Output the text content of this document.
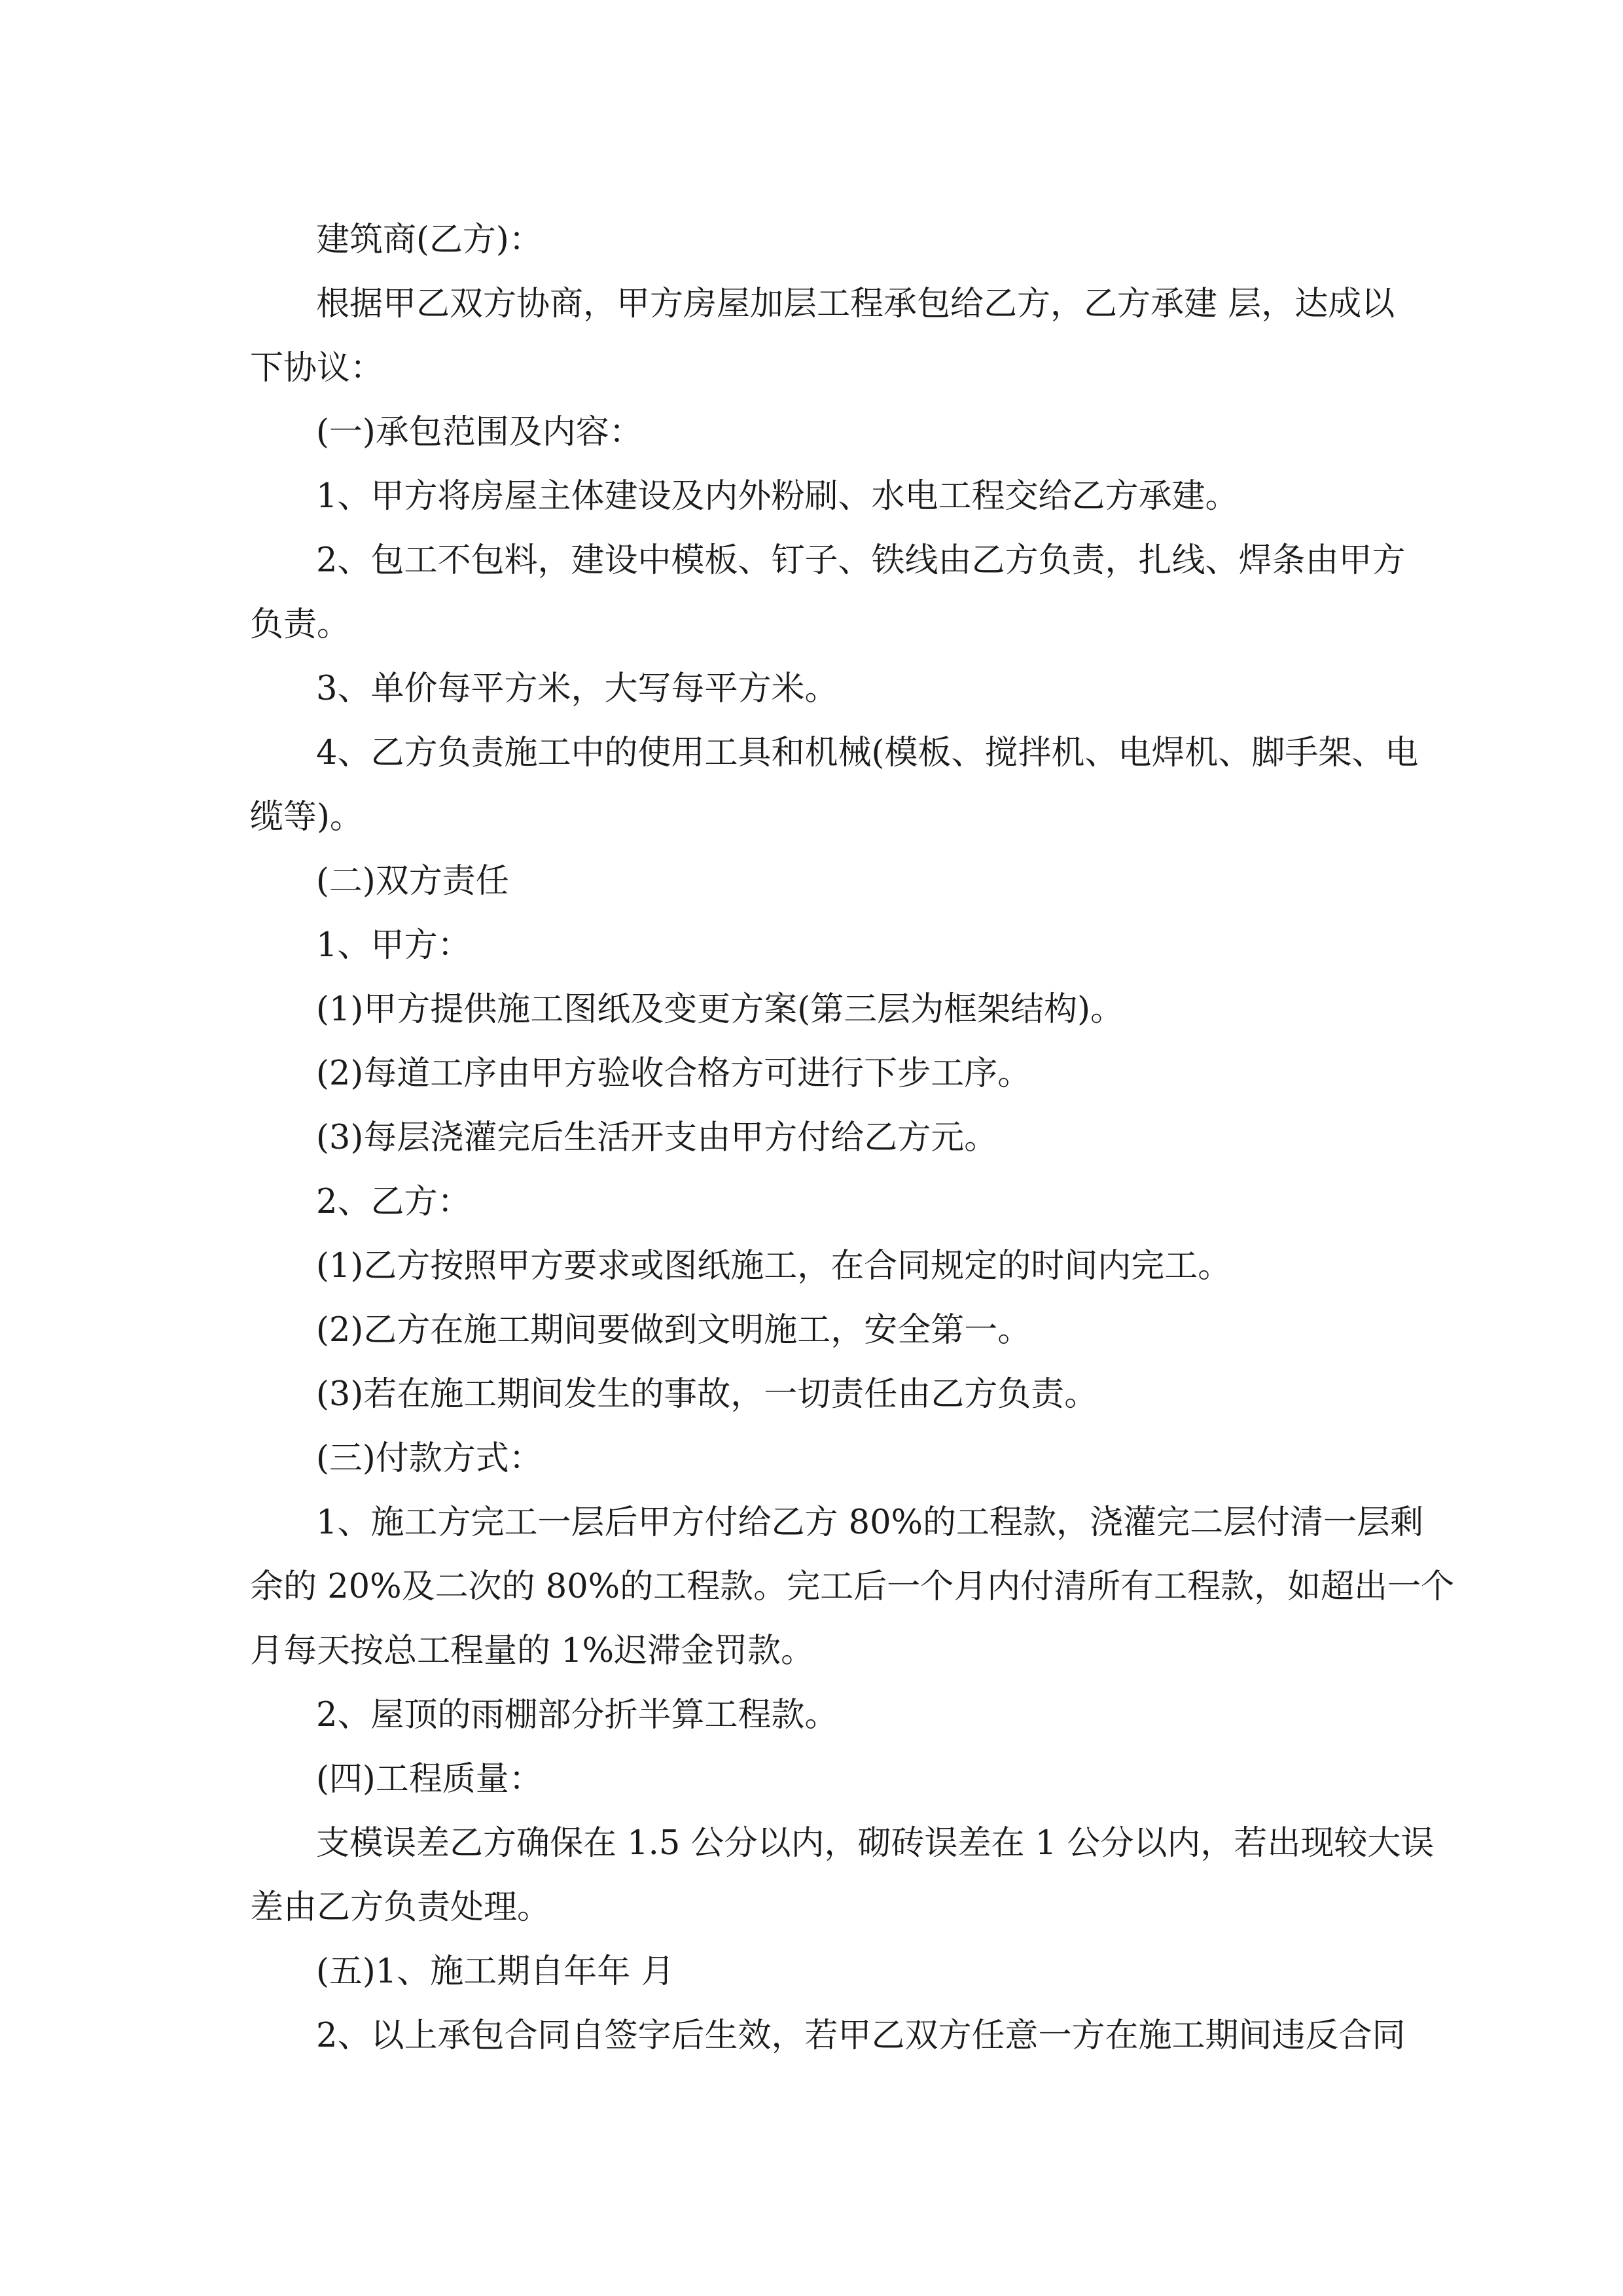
建筑商(乙方)：

根据甲乙双方协商，甲方房屋加层工程承包给乙方，乙方承建 层，达成以
下协议：

(一)承包范围及内容：

1、甲方将房屋主体建设及内外粉刷、水电工程交给乙方承建。

2、包工不包料，建设中模板、钉子、铁线由乙方负责，扎线、焊条由甲方
负责。

3、单价每平方米，大写每平方米。

4、乙方负责施工中的使用工具和机械(模板、搅拌机、电焊机、脚手架、电
缆等)。

(二)双方责任

1、甲方：

(1)甲方提供施工图纸及变更方案(第三层为框架结构)。

(2)每道工序由甲方验收合格方可进行下步工序。

(3)每层浇灌完后生活开支由甲方付给乙方元。

2、乙方：

(1)乙方按照甲方要求或图纸施工，在合同规定的时间内完工。

(2)乙方在施工期间要做到文明施工，安全第一。

(3)若在施工期间发生的事故，一切责任由乙方负责。

(三)付款方式：

1、施工方完工一层后甲方付给乙方 80%的工程款，浇灌完二层付清一层剩
余的 20%及二次的 80%的工程款。完工后一个月内付清所有工程款，如超出一个
月每天按总工程量的 1%迟滞金罚款。

2、屋顶的雨棚部分折半算工程款。

(四)工程质量：

支模误差乙方确保在 1.5 公分以内，砌砖误差在 1 公分以内，若出现较大误
差由乙方负责处理。

(五)1、施工期自年年 月

2、以上承包合同自签字后生效，若甲乙双方任意一方在施工期间违反合同
